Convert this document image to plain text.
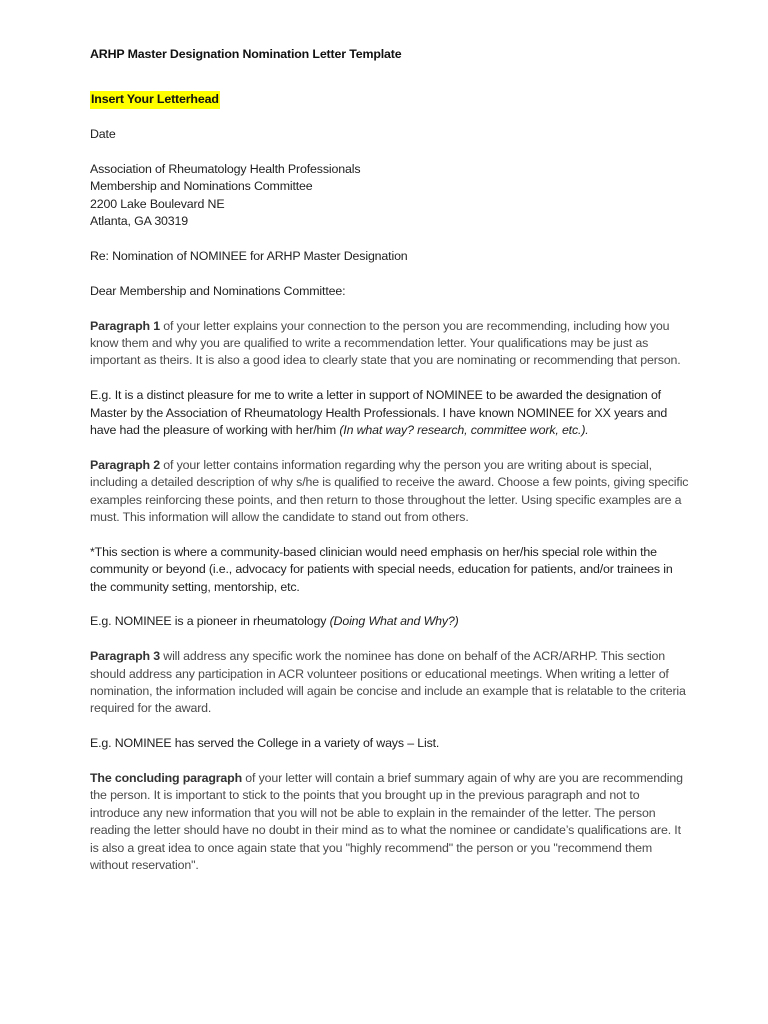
ARHP Master Designation Nomination Letter Template

Insert Your Letterhead

Date

Association of Rheumatology Health Professionals

Membership and Nominations Committee

2200 Lake Boulevard NE

Atlanta, GA 30319

Re: Nomination of NOMINEE for ARHP Master Designation

Dear Membership and Nominations Committee:

Paragraph 1 of your letter explains your connection to the person you are recommending, including how you know them and why you are qualified to write a recommendation letter. Your qualifications may be just as important as theirs. It is also a good idea to clearly state that you are nominating or recommending that person.

E.g. It is a distinct pleasure for me to write a letter in support of NOMINEE to be awarded the designation of Master by the Association of Rheumatology Health Professionals. I have known NOMINEE for XX years and have had the pleasure of working with her/him (In what way? research, committee work, etc.).

Paragraph 2 of your letter contains information regarding why the person you are writing about is special, including a detailed description of why s/he is qualified to receive the award. Choose a few points, giving specific examples reinforcing these points, and then return to those throughout the letter. Using specific examples are a must. This information will allow the candidate to stand out from others.

*This section is where a community-based clinician would need emphasis on her/his special role within the community or beyond (i.e., advocacy for patients with special needs, education for patients, and/or trainees in the community setting, mentorship, etc.

E.g. NOMINEE is a pioneer in rheumatology (Doing What and Why?)

Paragraph 3 will address any specific work the nominee has done on behalf of the ACR/ARHP. This section should address any participation in ACR volunteer positions or educational meetings. When writing a letter of nomination, the information included will again be concise and include an example that is relatable to the criteria required for the award.

E.g. NOMINEE has served the College in a variety of ways – List.

The concluding paragraph of your letter will contain a brief summary again of why are you are recommending the person. It is important to stick to the points that you brought up in the previous paragraph and not to introduce any new information that you will not be able to explain in the remainder of the letter. The person reading the letter should have no doubt in their mind as to what the nominee or candidate’s qualifications are. It is also a great idea to once again state that you "highly recommend" the person or you "recommend them without reservation".
